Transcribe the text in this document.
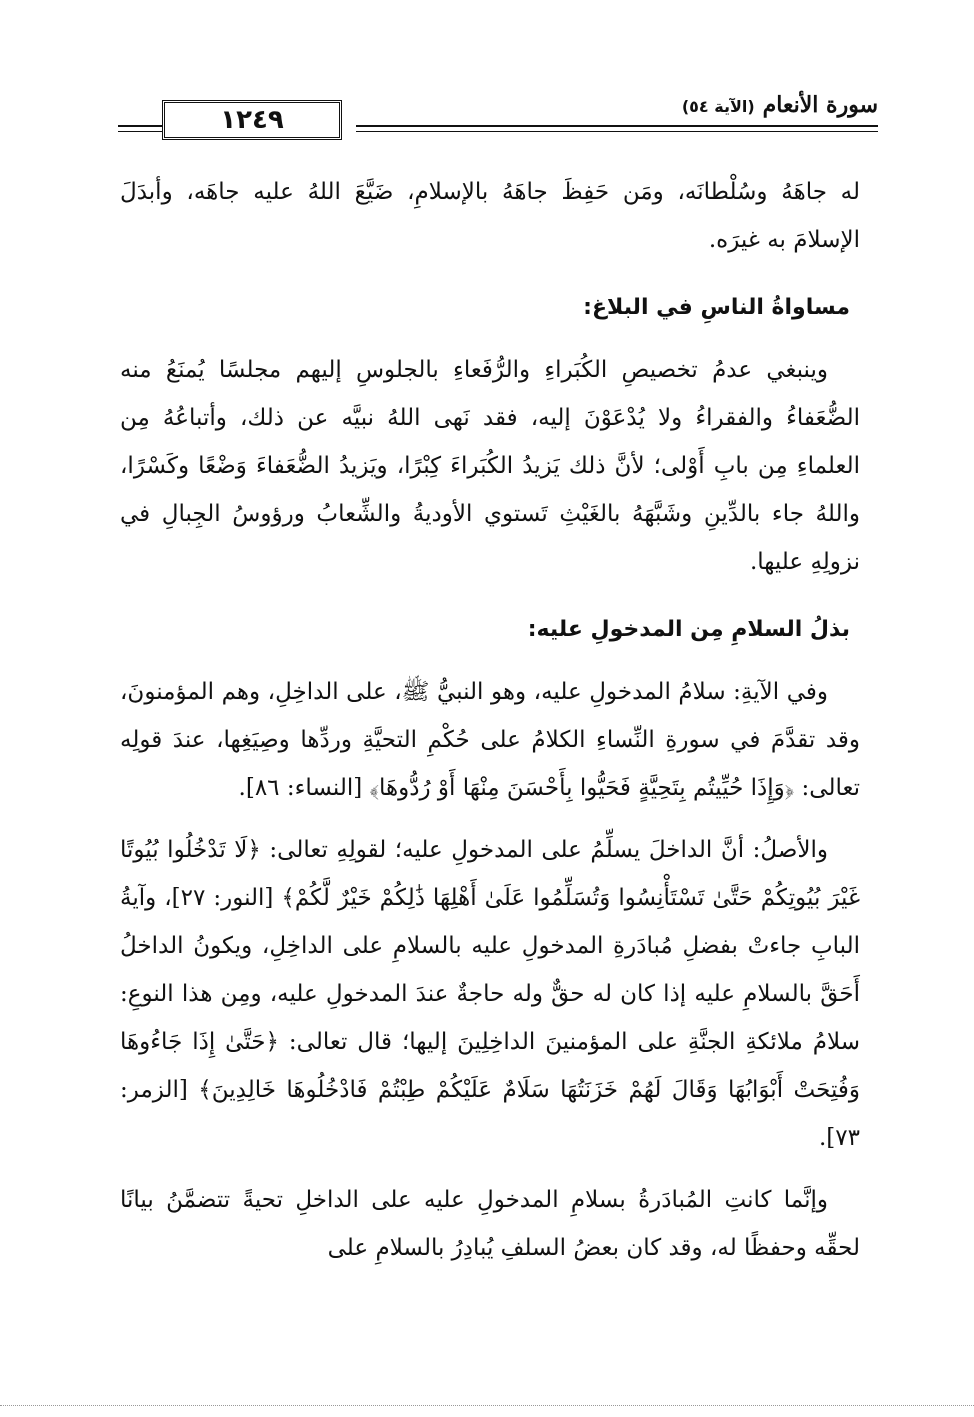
١٢٤٩	سورة الأنعام
(الآية ٥٤)

له جاهَهُ وسُلْطانَه، ومَن حَفِظَ جاهَهُ بالإسلامِ، ضَيَّعَ اللهُ عليه جاهَه، وأبدَلَ الإسلامَ به غيرَه.

مساواةُ الناسِ في البلاغ:

وينبغي عدمُ تخصيصِ الكُبَراءِ والرُّفَعاءِ بالجلوسِ إليهم مجلسًا يُمنَعُ منه الضُّعَفاءُ والفقراءُ ولا يُدْعَوْنَ إليه، فقد نَهى اللهُ نبيَّه عن ذلك، وأتباعُهُ مِن العلماءِ مِن بابِ أَوْلى؛ لأنَّ ذلك يَزيدُ الكُبَراءَ كِبْرًا، ويَزيدُ الضُّعَفاءَ وَضْعًا وكَسْرًا، واللهُ جاء بالدِّينِ وشَبَّهَهُ بالغَيْثِ تَستوي الأوديةُ والشِّعابُ ورؤوسُ الجِبالِ في نزولِهِ عليها.

بذلُ السلامِ مِن المدخولِ عليه:

وفي الآيةِ: سلامُ المدخولِ عليه، وهو النبيُّ ﷺ، على الداخِلِ، وهم المؤمنونَ، وقد تقدَّمَ في سورةِ النِّساءِ الكلامُ على حُكْمِ التحيَّةِ وردِّها وصِيَغِها، عندَ قولِه تعالى: ﴿وَإِذَا حُيِّيتُم بِتَحِيَّةٍ فَحَيُّوا بِأَحْسَنَ مِنْهَا أَوْ رُدُّوهَا﴾ [النساء: ٨٦].

والأصلُ: أنَّ الداخلَ يسلِّمُ على المدخولِ عليه؛ لقولِهِ تعالى: ﴿لَا تَدْخُلُوا بُيُوتًا غَيْرَ بُيُوتِكُمْ حَتَّىٰ تَسْتَأْنِسُوا وَتُسَلِّمُوا عَلَىٰ أَهْلِهَا ذَٰلِكُمْ خَيْرٌ لَّكُمْ﴾ [النور: ٢٧]، وآيةُ البابِ جاءتْ بفضلِ مُبادَرةِ المدخولِ عليه بالسلامِ على الداخِلِ، ويكونُ الداخلُ أَحَقَّ بالسلامِ عليه إذا كان له حقٌّ وله حاجةٌ عندَ المدخولِ عليه، ومِن هذا النوعِ: سلامُ ملائكةِ الجنَّةِ على المؤمنينَ الداخِلِينَ إليها؛ قال تعالى: ﴿حَتَّىٰ إِذَا جَاءُوهَا وَفُتِحَتْ أَبْوَابُهَا وَقَالَ لَهُمْ خَزَنَتُهَا سَلَامٌ عَلَيْكُمْ طِبْتُمْ فَادْخُلُوهَا خَالِدِينَ﴾ [الزمر: ٧٣].

وإنَّما كانتِ المُبادَرةُ بسلامِ المدخولِ عليه على الداخلِ تحيةً تتضمَّنُ بيانًا لحقِّه وحفظًا له، وقد كان بعضُ السلفِ يُبادِرُ بالسلامِ على
